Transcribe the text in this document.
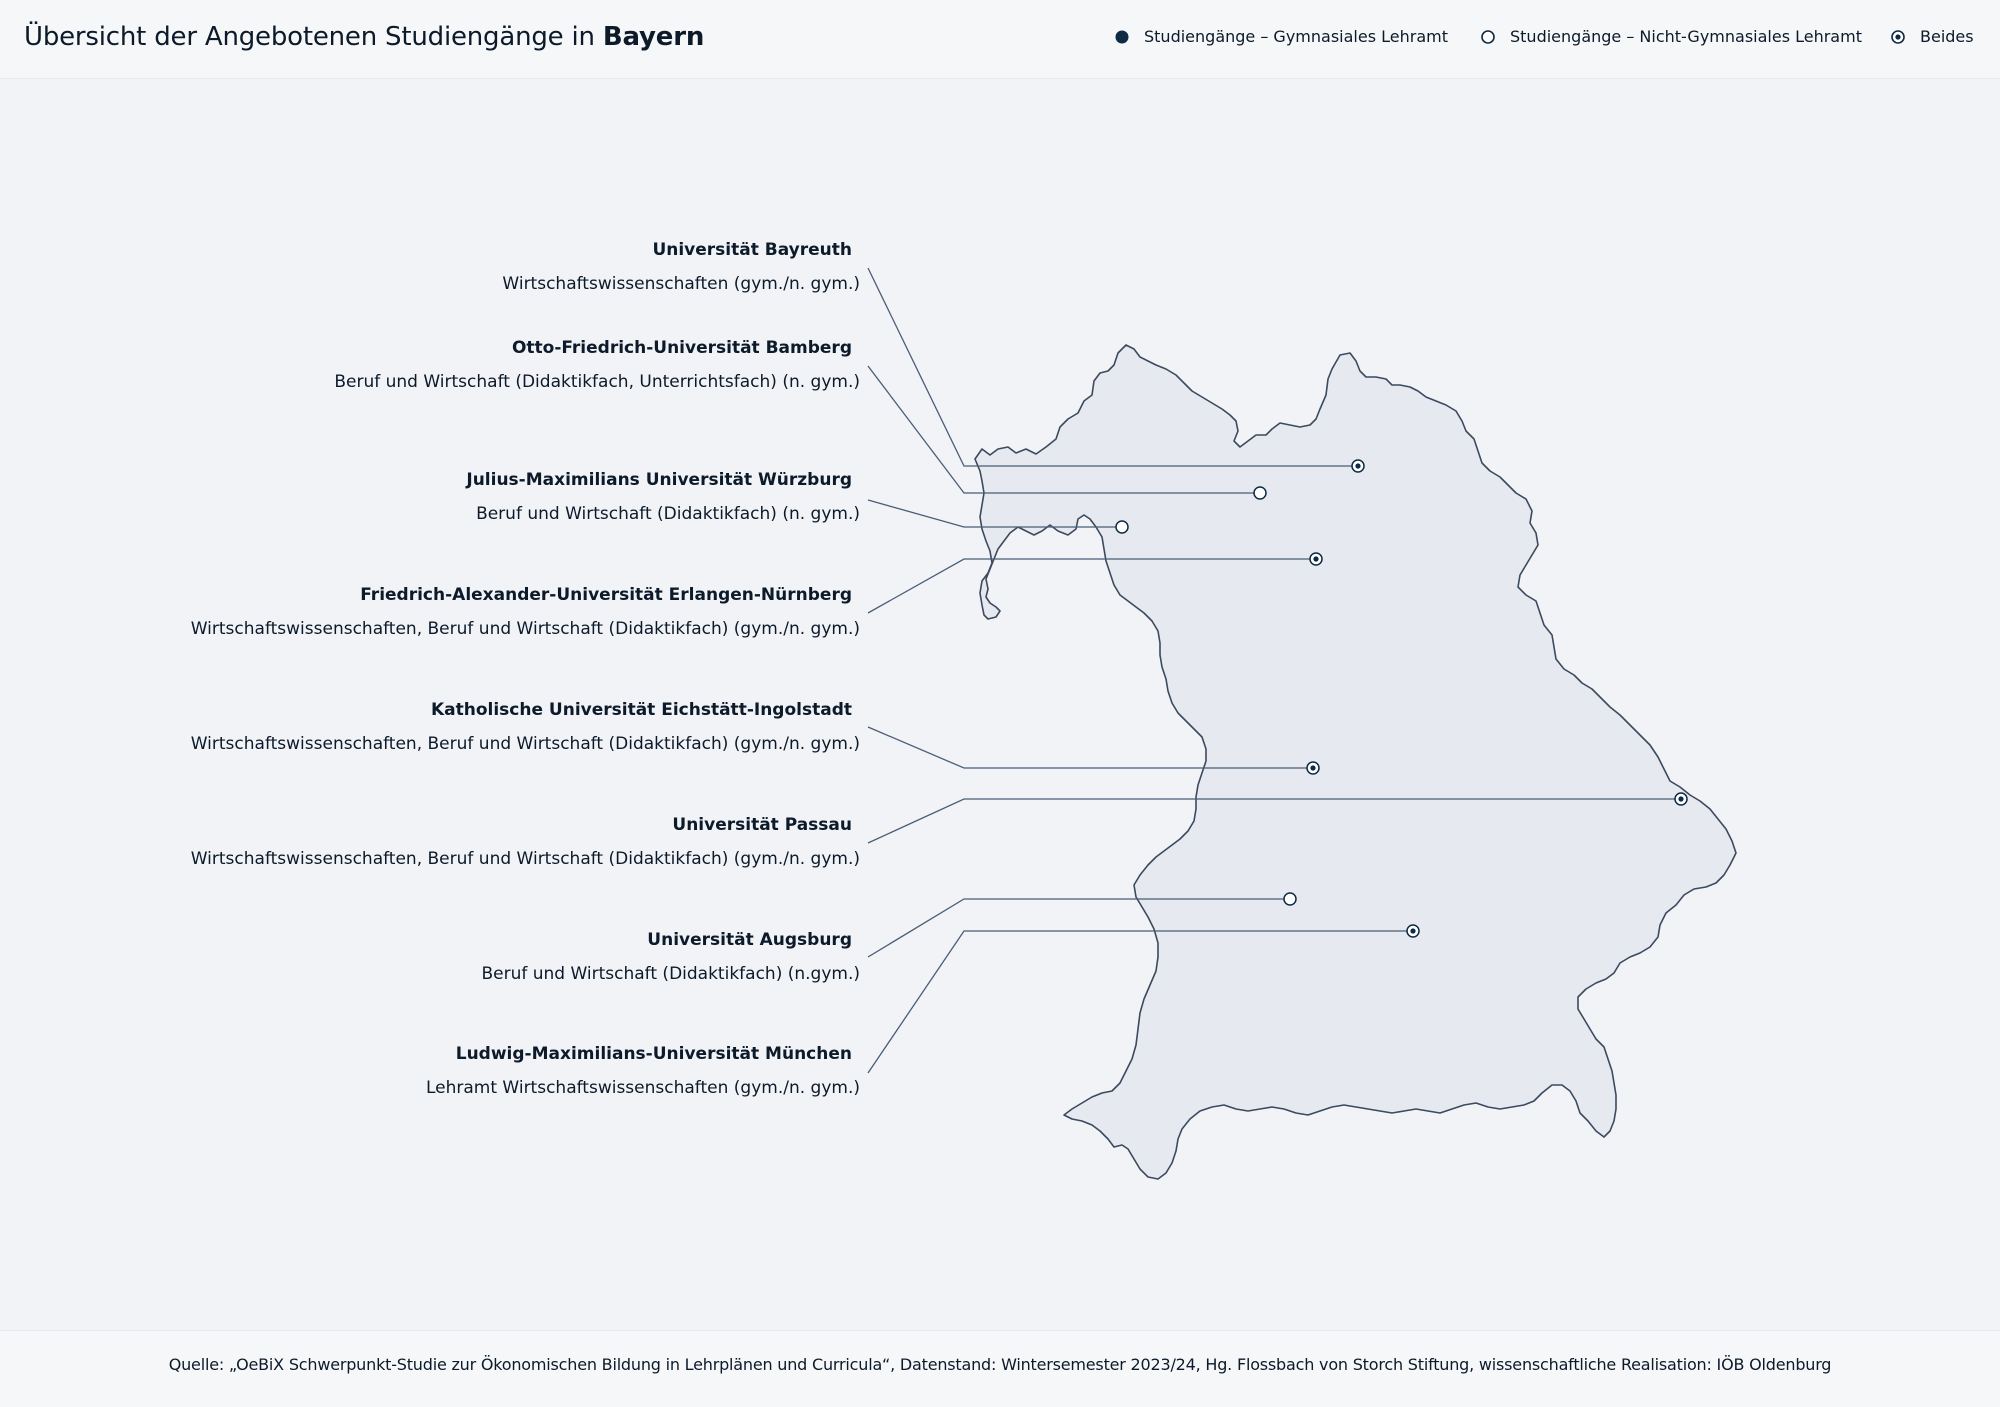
Übersicht der Angebotenen Studiengänge in Bayern	Studiengänge – Gymnasiales Lehramt	Studiengänge – Nicht-Gymnasiales Lehramt	Beides
Universität Bayreuth
Wirtschaftswissenschaften (gym./n. gym.)
Otto-Friedrich-Universität Bamberg
Beruf und Wirtschaft (Didaktikfach, Unterrichtsfach) (n. gym.)
Julius-Maximilians Universität Würzburg
Beruf und Wirtschaft (Didaktikfach) (n. gym.)
Friedrich-Alexander-Universität Erlangen-Nürnberg
Wirtschaftswissenschaften, Beruf und Wirtschaft (Didaktikfach) (gym./n. gym.)
Katholische Universität Eichstätt-Ingolstadt
Wirtschaftswissenschaften, Beruf und Wirtschaft (Didaktikfach) (gym./n. gym.)
Universität Passau
Wirtschaftswissenschaften, Beruf und Wirtschaft (Didaktikfach) (gym./n. gym.)
Universität Augsburg
Beruf und Wirtschaft (Didaktikfach) (n.gym.)
Ludwig-Maximilians-Universität München
Lehramt Wirtschaftswissenschaften (gym./n. gym.)
Quelle: „OeBiX Schwerpunkt-Studie zur Ökonomischen Bildung in Lehrplänen und Curricula“, Datenstand: Wintersemester 2023/24, Hg. Flossbach von Storch Stiftung, wissenschaftliche Realisation: IÖB Oldenburg
